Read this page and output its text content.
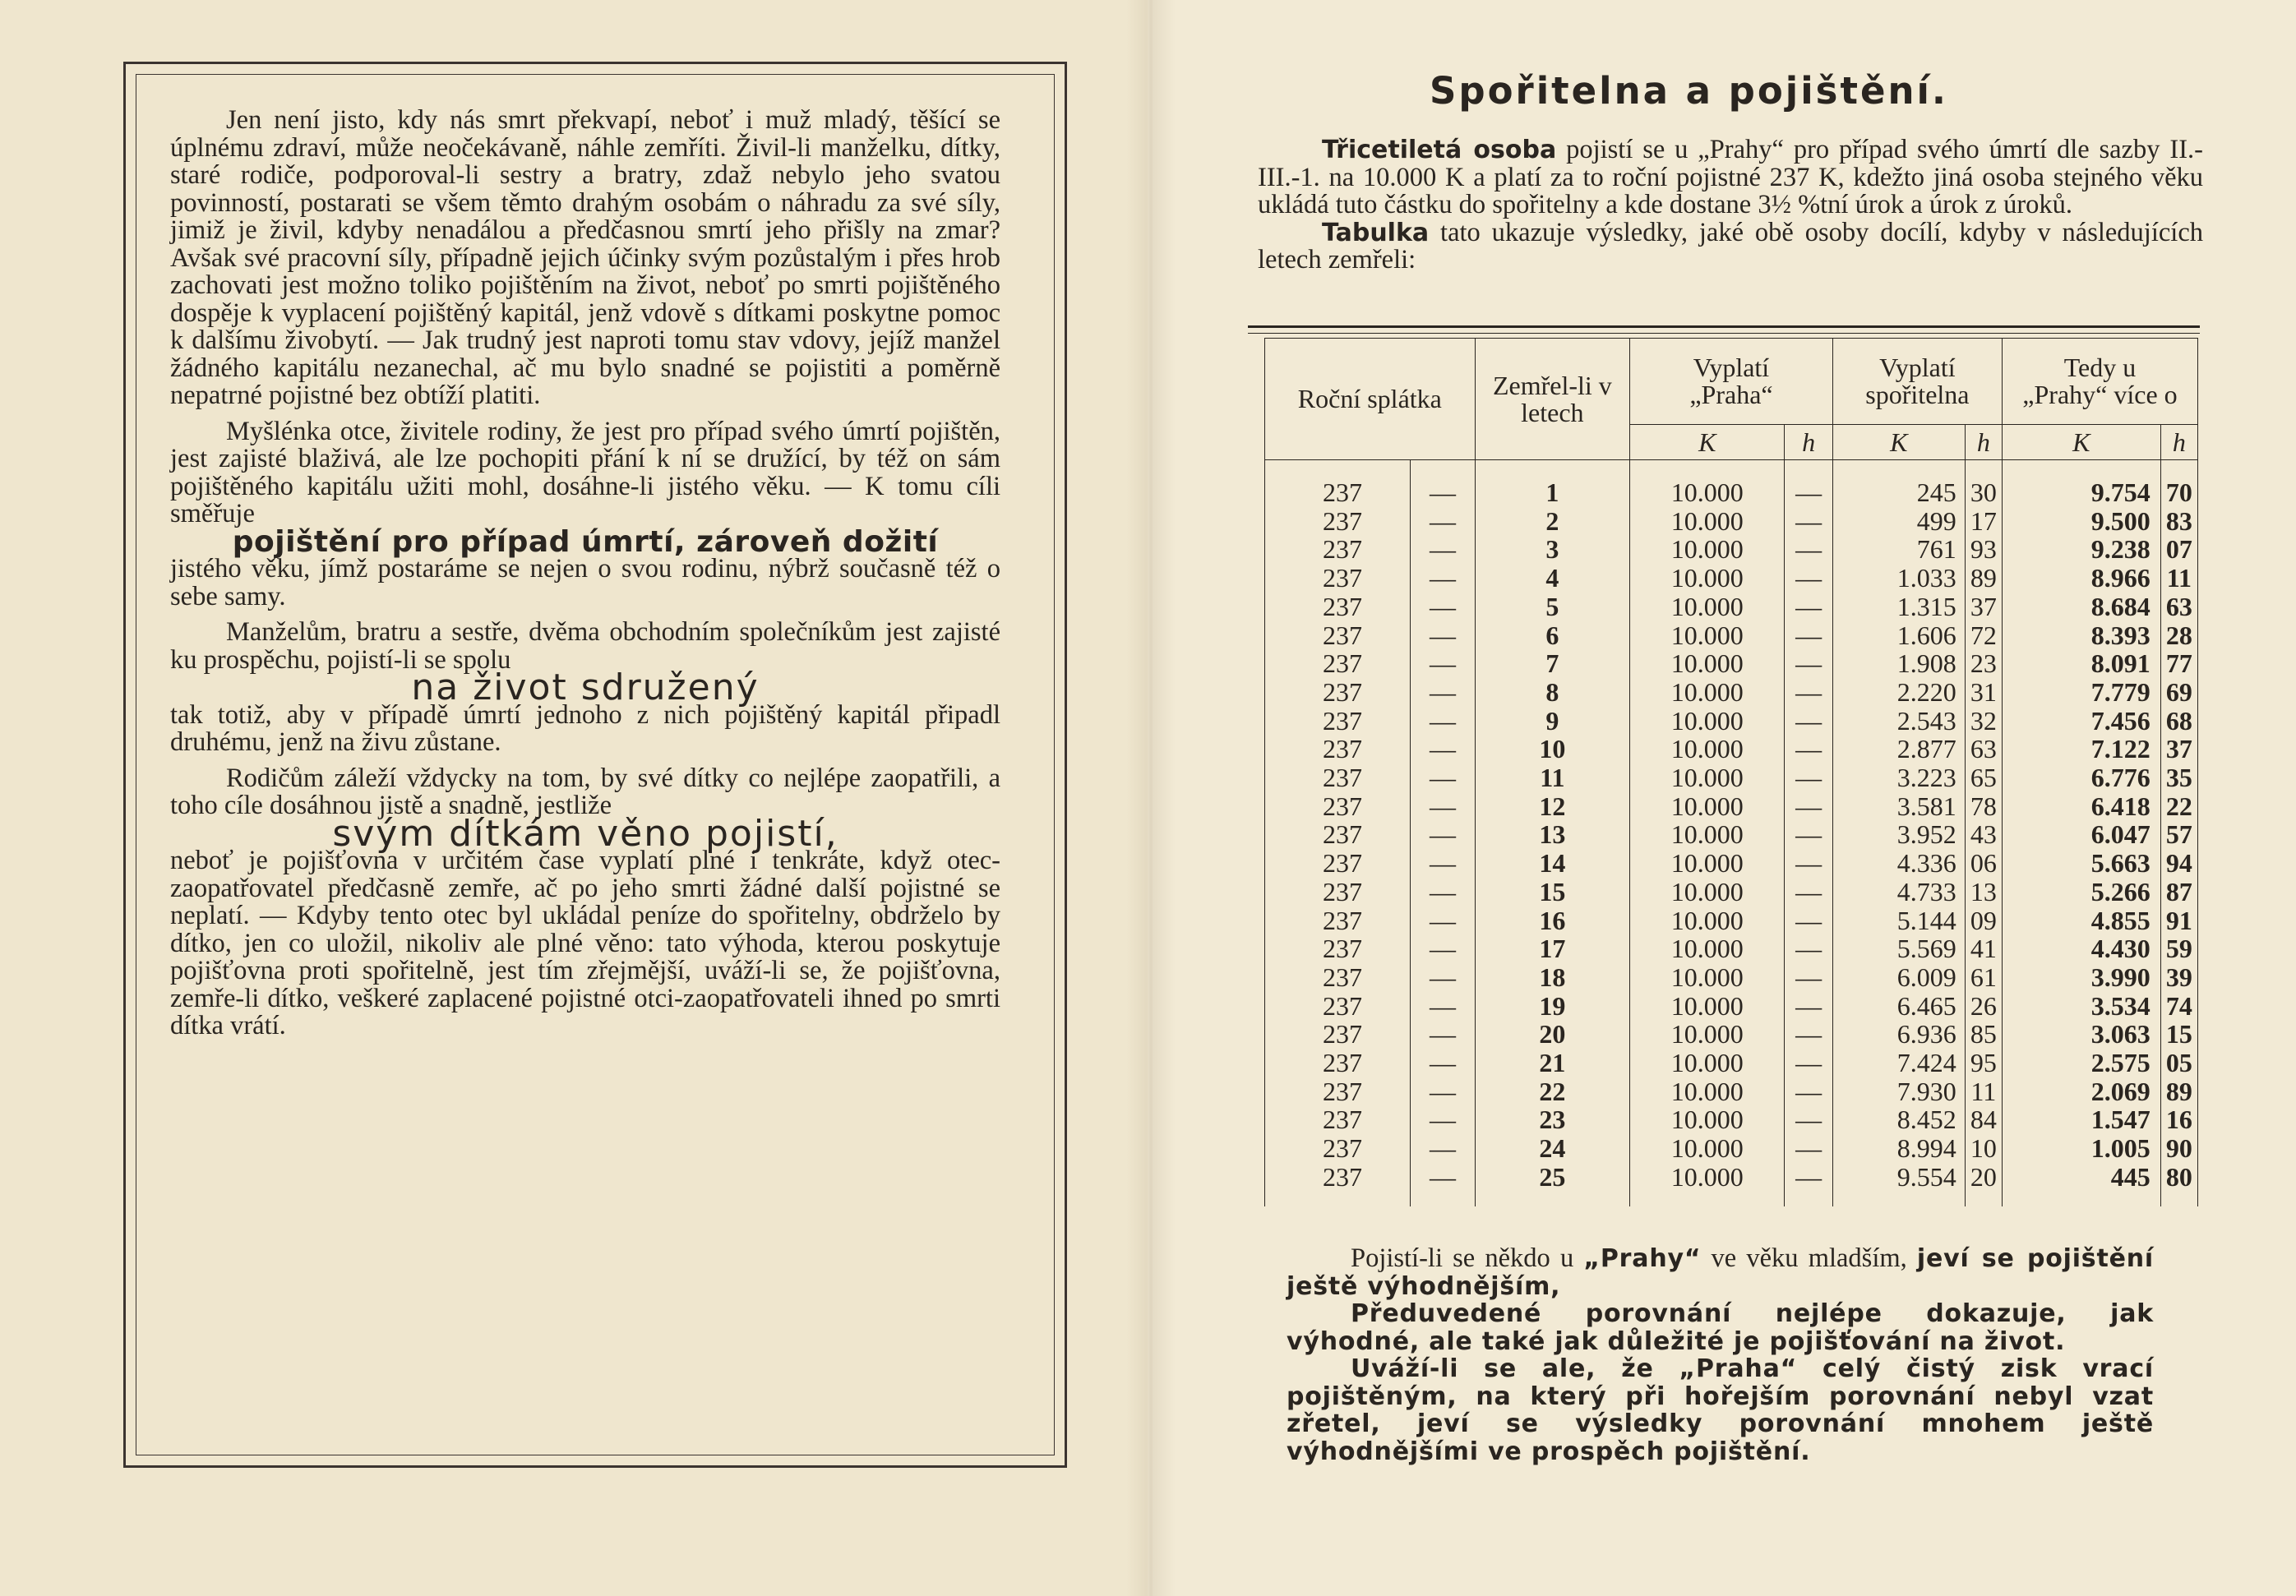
Jen není jisto, kdy nás smrt překvapí, neboť i muž mladý, těšící se úplnému zdraví, může neočekávaně, náhle zemříti. Živil-li manželku, dítky, staré rodiče, podporoval-li sestry a bratry, zdaž nebylo jeho svatou povinností, postarati se všem těmto drahým osobám o náhradu za své síly, jimiž je živil, kdyby nenadálou a předčasnou smrtí jeho přišly na zmar? Avšak své pracovní síly, případně jejich účinky svým pozůstalým i přes hrob zachovati jest možno toliko pojištěním na život, neboť po smrti pojištěného dospěje k vyplacení pojištěný kapitál, jenž vdově s dítkami poskytne pomoc k dalšímu živobytí. — Jak trudný jest naproti tomu stav vdovy, jejíž manžel žádného kapitálu nezanechal, ač mu bylo snadné se pojistiti a poměrně nepatrné pojistné bez obtíží platiti.

Myšlénka otce, živitele rodiny, že jest pro případ svého úmrtí pojištěn, jest zajisté blaživá, ale lze pochopiti přání k ní se družící, by též on sám pojištěného kapitálu užiti mohl, dosáhne-li jistého věku. — K tomu cíli směřuje

pojištění pro případ úmrtí, zároveň dožití

jistého věku, jímž postaráme se nejen o svou rodinu, nýbrž současně též o sebe samy.

Manželům, bratru a sestře, dvěma obchodním společníkům jest zajisté ku prospěchu, pojistí-li se spolu

na život sdružený

tak totiž, aby v případě úmrtí jednoho z nich pojištěný kapitál připadl druhému, jenž na živu zůstane.

Rodičům záleží vždycky na tom, by své dítky co nejlépe zaopatřili, a toho cíle dosáhnou jistě a snadně, jestliže

svým dítkám věno pojistí,

neboť je pojišťovna v určitém čase vyplatí plné i tenkráte, když otec-zaopatřovatel předčasně zemře, ač po jeho smrti žádné další pojistné se neplatí. — Kdyby tento otec byl ukládal peníze do spořitelny, obdrželo by dítko, jen co uložil, nikoliv ale plné věno: tato výhoda, kterou poskytuje pojišťovna proti spořitelně, jest tím zřejmější, uváží-li se, že pojišťovna, zemře-li dítko, veškeré zaplacené pojistné otci-zaopatřovateli ihned po smrti dítka vrátí.

Spořitelna a pojištění.

Třicetiletá osoba pojistí se u „Prahy“ pro případ svého úmrtí dle sazby II.-III.-1. na 10.000 K a platí za to roční pojistné 237 K, kdežto jiná osoba stejného věku ukládá tuto částku do spořitelny a kde dostane 3½ %tní úrok a úrok z úroků.

Tabulka tato ukazuje výsledky, jaké obě osoby docílí, kdyby v následujících letech zemřeli:

Roční splátka		Zemřel-li v letech	Vyplatí „Praha“		Vyplatí spořitelna		Tedy u „Prahy“ více o	
			K	h	K	h	K	h
237	—	1	10.000	—	245	30	9.754	70
237	—	2	10.000	—	499	17	9.500	83
237	—	3	10.000	—	761	93	9.238	07
237	—	4	10.000	—	1.033	89	8.966	11
237	—	5	10.000	—	1.315	37	8.684	63
237	—	6	10.000	—	1.606	72	8.393	28
237	—	7	10.000	—	1.908	23	8.091	77
237	—	8	10.000	—	2.220	31	7.779	69
237	—	9	10.000	—	2.543	32	7.456	68
237	—	10	10.000	—	2.877	63	7.122	37
237	—	11	10.000	—	3.223	65	6.776	35
237	—	12	10.000	—	3.581	78	6.418	22
237	—	13	10.000	—	3.952	43	6.047	57
237	—	14	10.000	—	4.336	06	5.663	94
237	—	15	10.000	—	4.733	13	5.266	87
237	—	16	10.000	—	5.144	09	4.855	91
237	—	17	10.000	—	5.569	41	4.430	59
237	—	18	10.000	—	6.009	61	3.990	39
237	—	19	10.000	—	6.465	26	3.534	74
237	—	20	10.000	—	6.936	85	3.063	15
237	—	21	10.000	—	7.424	95	2.575	05
237	—	22	10.000	—	7.930	11	2.069	89
237	—	23	10.000	—	8.452	84	1.547	16
237	—	24	10.000	—	8.994	10	1.005	90
237	—	25	10.000	—	9.554	20	445	80

Pojistí-li se někdo u „Prahy“ ve věku mladším, jeví se pojištění ještě výhodnějším,

Předuvedené porovnání nejlépe dokazuje, jak výhodné, ale také jak důležité je pojišťování na život.

Uváží-li se ale, že „Praha“ celý čistý zisk vrací pojištěným, na který při hořejším porovnání nebyl vzat zřetel, jeví se výsledky porovnání mnohem ještě výhodnějšími ve prospěch pojištění.
